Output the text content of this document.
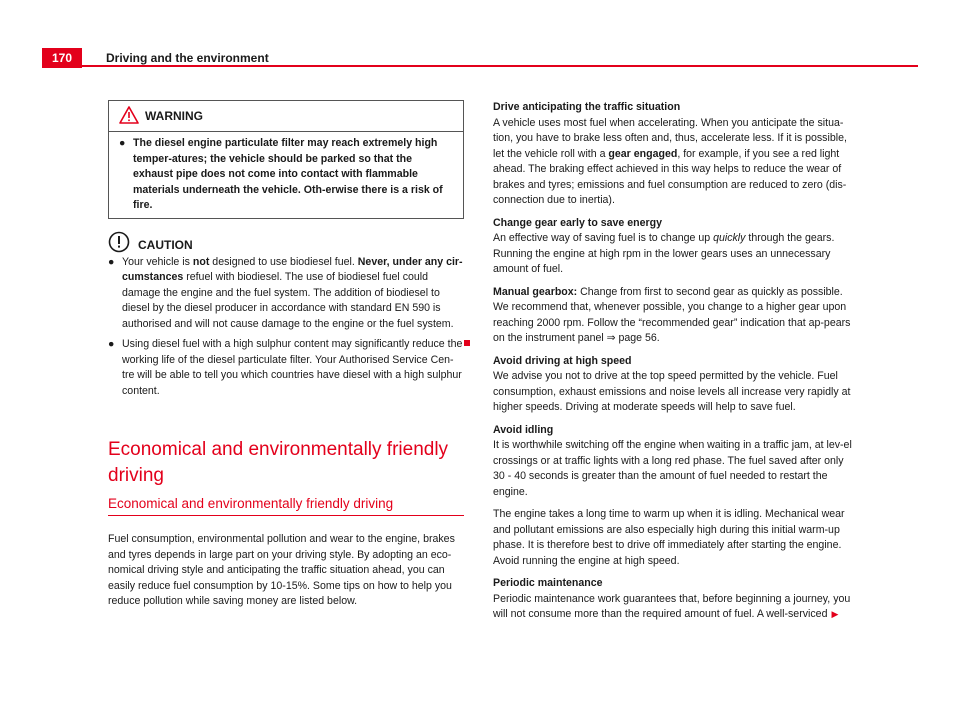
170	Driving and the environment
WARNING
● The diesel engine particulate filter may reach extremely high temper-atures; the vehicle should be parked so that the exhaust pipe does not come into contact with flammable materials underneath the vehicle. Oth-erwise there is a risk of fire.
CAUTION

● Your vehicle is not designed to use biodiesel fuel. Never, under any cir-cumstances refuel with biodiesel. The use of biodiesel fuel could damage the engine and the fuel system. The addition of biodiesel to diesel by the diesel producer in accordance with standard EN 590 is authorised and will not cause damage to the engine or the fuel system.

● Using diesel fuel with a high sulphur content may significantly reduce the working life of the diesel particulate filter. Your Authorised Service Cen-tre will be able to tell you which countries have diesel with a high sulphur content.

Economical and environmentally friendly driving
Economical and environmentally friendly driving
Fuel consumption, environmental pollution and wear to the engine, brakes and tyres depends in large part on your driving style. By adopting an eco-nomical driving style and anticipating the traffic situation ahead, you can easily reduce fuel consumption by 10-15%. Some tips on how to help you reduce pollution while saving money are listed below.
Drive anticipating the traffic situation

A vehicle uses most fuel when accelerating. When you anticipate the situa-tion, you have to brake less often and, thus, accelerate less. If it is possible, let the vehicle roll with a gear engaged, for example, if you see a red light ahead. The braking effect achieved in this way helps to reduce the wear of brakes and tyres; emissions and fuel consumption are reduced to zero (dis-connection due to inertia).

Change gear early to save energy

An effective way of saving fuel is to change up quickly through the gears. Running the engine at high rpm in the lower gears uses an unnecessary amount of fuel.

Manual gearbox: Change from first to second gear as quickly as possible. We recommend that, whenever possible, you change to a higher gear upon reaching 2000 rpm. Follow the “recommended gear” indication that ap-pears on the instrument panel ⇒ page 56.

Avoid driving at high speed

We advise you not to drive at the top speed permitted by the vehicle. Fuel consumption, exhaust emissions and noise levels all increase very rapidly at higher speeds. Driving at moderate speeds will help to save fuel.

Avoid idling

It is worthwhile switching off the engine when waiting in a traffic jam, at lev-el crossings or at traffic lights with a long red phase. The fuel saved after only 30 - 40 seconds is greater than the amount of fuel needed to restart the engine.

The engine takes a long time to warm up when it is idling. Mechanical wear and pollutant emissions are also especially high during this initial warm-up phase. It is therefore best to drive off immediately after starting the engine. Avoid running the engine at high speed.

Periodic maintenance

Periodic maintenance work guarantees that, before beginning a journey, you will not consume more than the required amount of fuel. A well-serviced ▶
